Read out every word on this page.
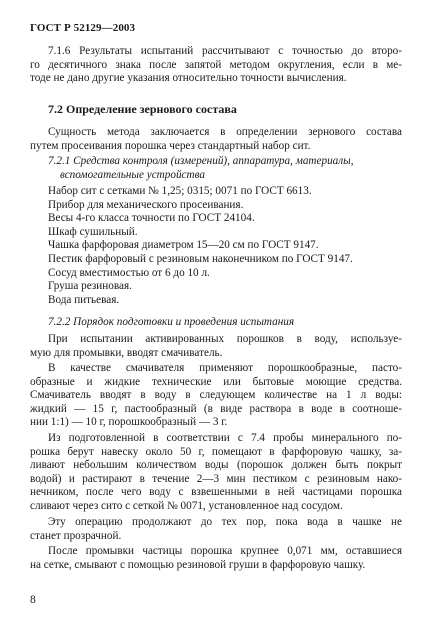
ГОСТ Р 52129—2003
7.1.6 Результаты испытаний рассчитывают с точностью до второ-
го десятичного знака после запятой методом округления, если в ме-
тоде не дано другие указания относительно точности вычисления.
7.2 Определение зернового состава
Сущность метода заключается в определении зернового состава
путем просеивания порошка через стандартный набор сит.
7.2.1 Средства контроля (измерений), аппаратура, материалы,
вспомогательные устройства
Набор сит с сетками № 1,25; 0315; 0071 по ГОСТ 6613.
Прибор для механического просеивания.
Весы 4-го класса точности по ГОСТ 24104.
Шкаф сушильный.
Чашка фарфоровая диаметром 15—20 см по ГОСТ 9147.
Пестик фарфоровый с резиновым наконечником по ГОСТ 9147.
Сосуд вместимостью от 6 до 10 л.
Груша резиновая.
Вода питьевая.
7.2.2 Порядок подготовки и проведения испытания
При испытании активированных порошков в воду, используе-
мую для промывки, вводят смачиватель.
В качестве смачивателя применяют порошкообразные, пасто-
образные и жидкие технические или бытовые моющие средства.
Смачиватель вводят в воду в следующем количестве на 1 л воды:
жидкий — 15 г, пастообразный (в виде раствора в воде в соотноше-
нии 1:1) — 10 г, порошкообразный — 3 г.
Из подготовленной в соответствии с 7.4 пробы минерального по-
рошка берут навеску около 50 г, помещают в фарфоровую чашку, за-
ливают небольшим количеством воды (порошок должен быть покрыт
водой) и растирают в течение 2—3 мин пестиком с резиновым нако-
нечником, после чего воду с взвешенными в ней частицами порошка
сливают через сито с сеткой № 0071, установленное над сосудом.
Эту операцию продолжают до тех пор, пока вода в чашке не
станет прозрачной.
После промывки частицы порошка крупнее 0,071 мм, оставшиеся
на сетке, смывают с помощью резиновой груши в фарфоровую чашку.
8
